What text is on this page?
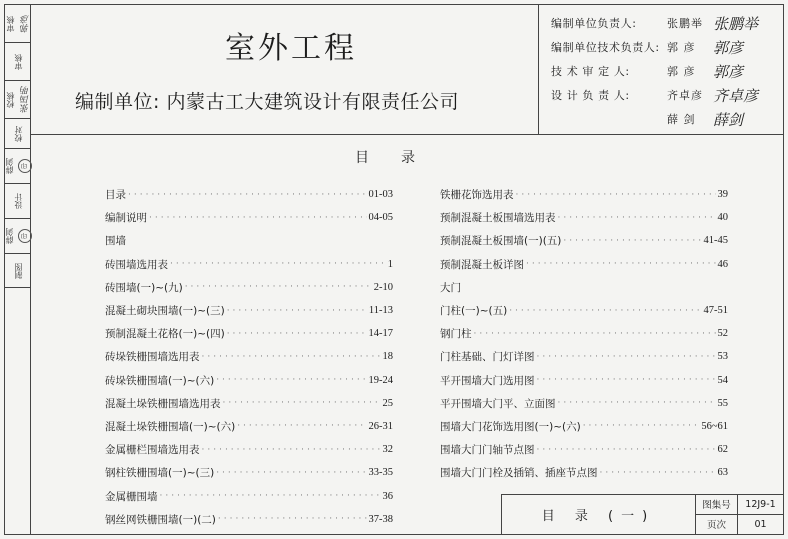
审核 郭彦
审核
校核 张国明
校对
薛剑	印
设计
薛剑	印
制图
室外工程
编制单位: 内蒙古工大建筑设计有限责任公司
编制单位负责人:	张鹏举 张鹏举
编制单位技术负责人: 郭 彦	郭彦
技 术 审 定 人:	郭 彦	郭彦
设 计 负 责 人:	齐卓彦 齐卓彦
薛 剑	薛剑
目录
目录 ·····	01-03
编制说明 ·····	04-05
围墙
砖围墙选用表 ·····	1
砖围墙(一)~(九) ·····	2-10
混凝土砌块围墙(一)~(三) ·····	11-13
预制混凝土花格(一)~(四) ·····	14-17
砖垛铁栅围墙选用表 ·····	18
砖垛铁栅围墙(一)~(六) ·····	19-24
混凝土垛铁栅围墙选用表 ·····	25
混凝土垛铁栅围墙(一)~(六) ·····	26-31
金属栅栏围墙选用表 ·····	32
钢柱铁栅围墙(一)~(三) ·····	33-35
金属栅围墙 ·····	36
钢丝网铁栅围墙(一)(二) ·····	37-38
铁栅花饰选用表 ·····	39
预制混凝土板围墙选用表 ·····	40
预制混凝土板围墙(一)(五) ·····	41-45
预制混凝土板详图 ·····	46
大门
门柱(一)~(五) ·····	47-51
钢门柱 ·····	52
门柱基础、门灯详图 ·····	53
平开围墙大门选用图 ·····	54
平开围墙大门平、立面图 ·····	55
围墙大门花饰选用图(一)~(六) ·····	56~61
围墙大门门轴节点图 ·····	62
围墙大门门栓及插销、插座节点图 ·····	63
目 录 (一)
图集号	12J9-1
页次	01
